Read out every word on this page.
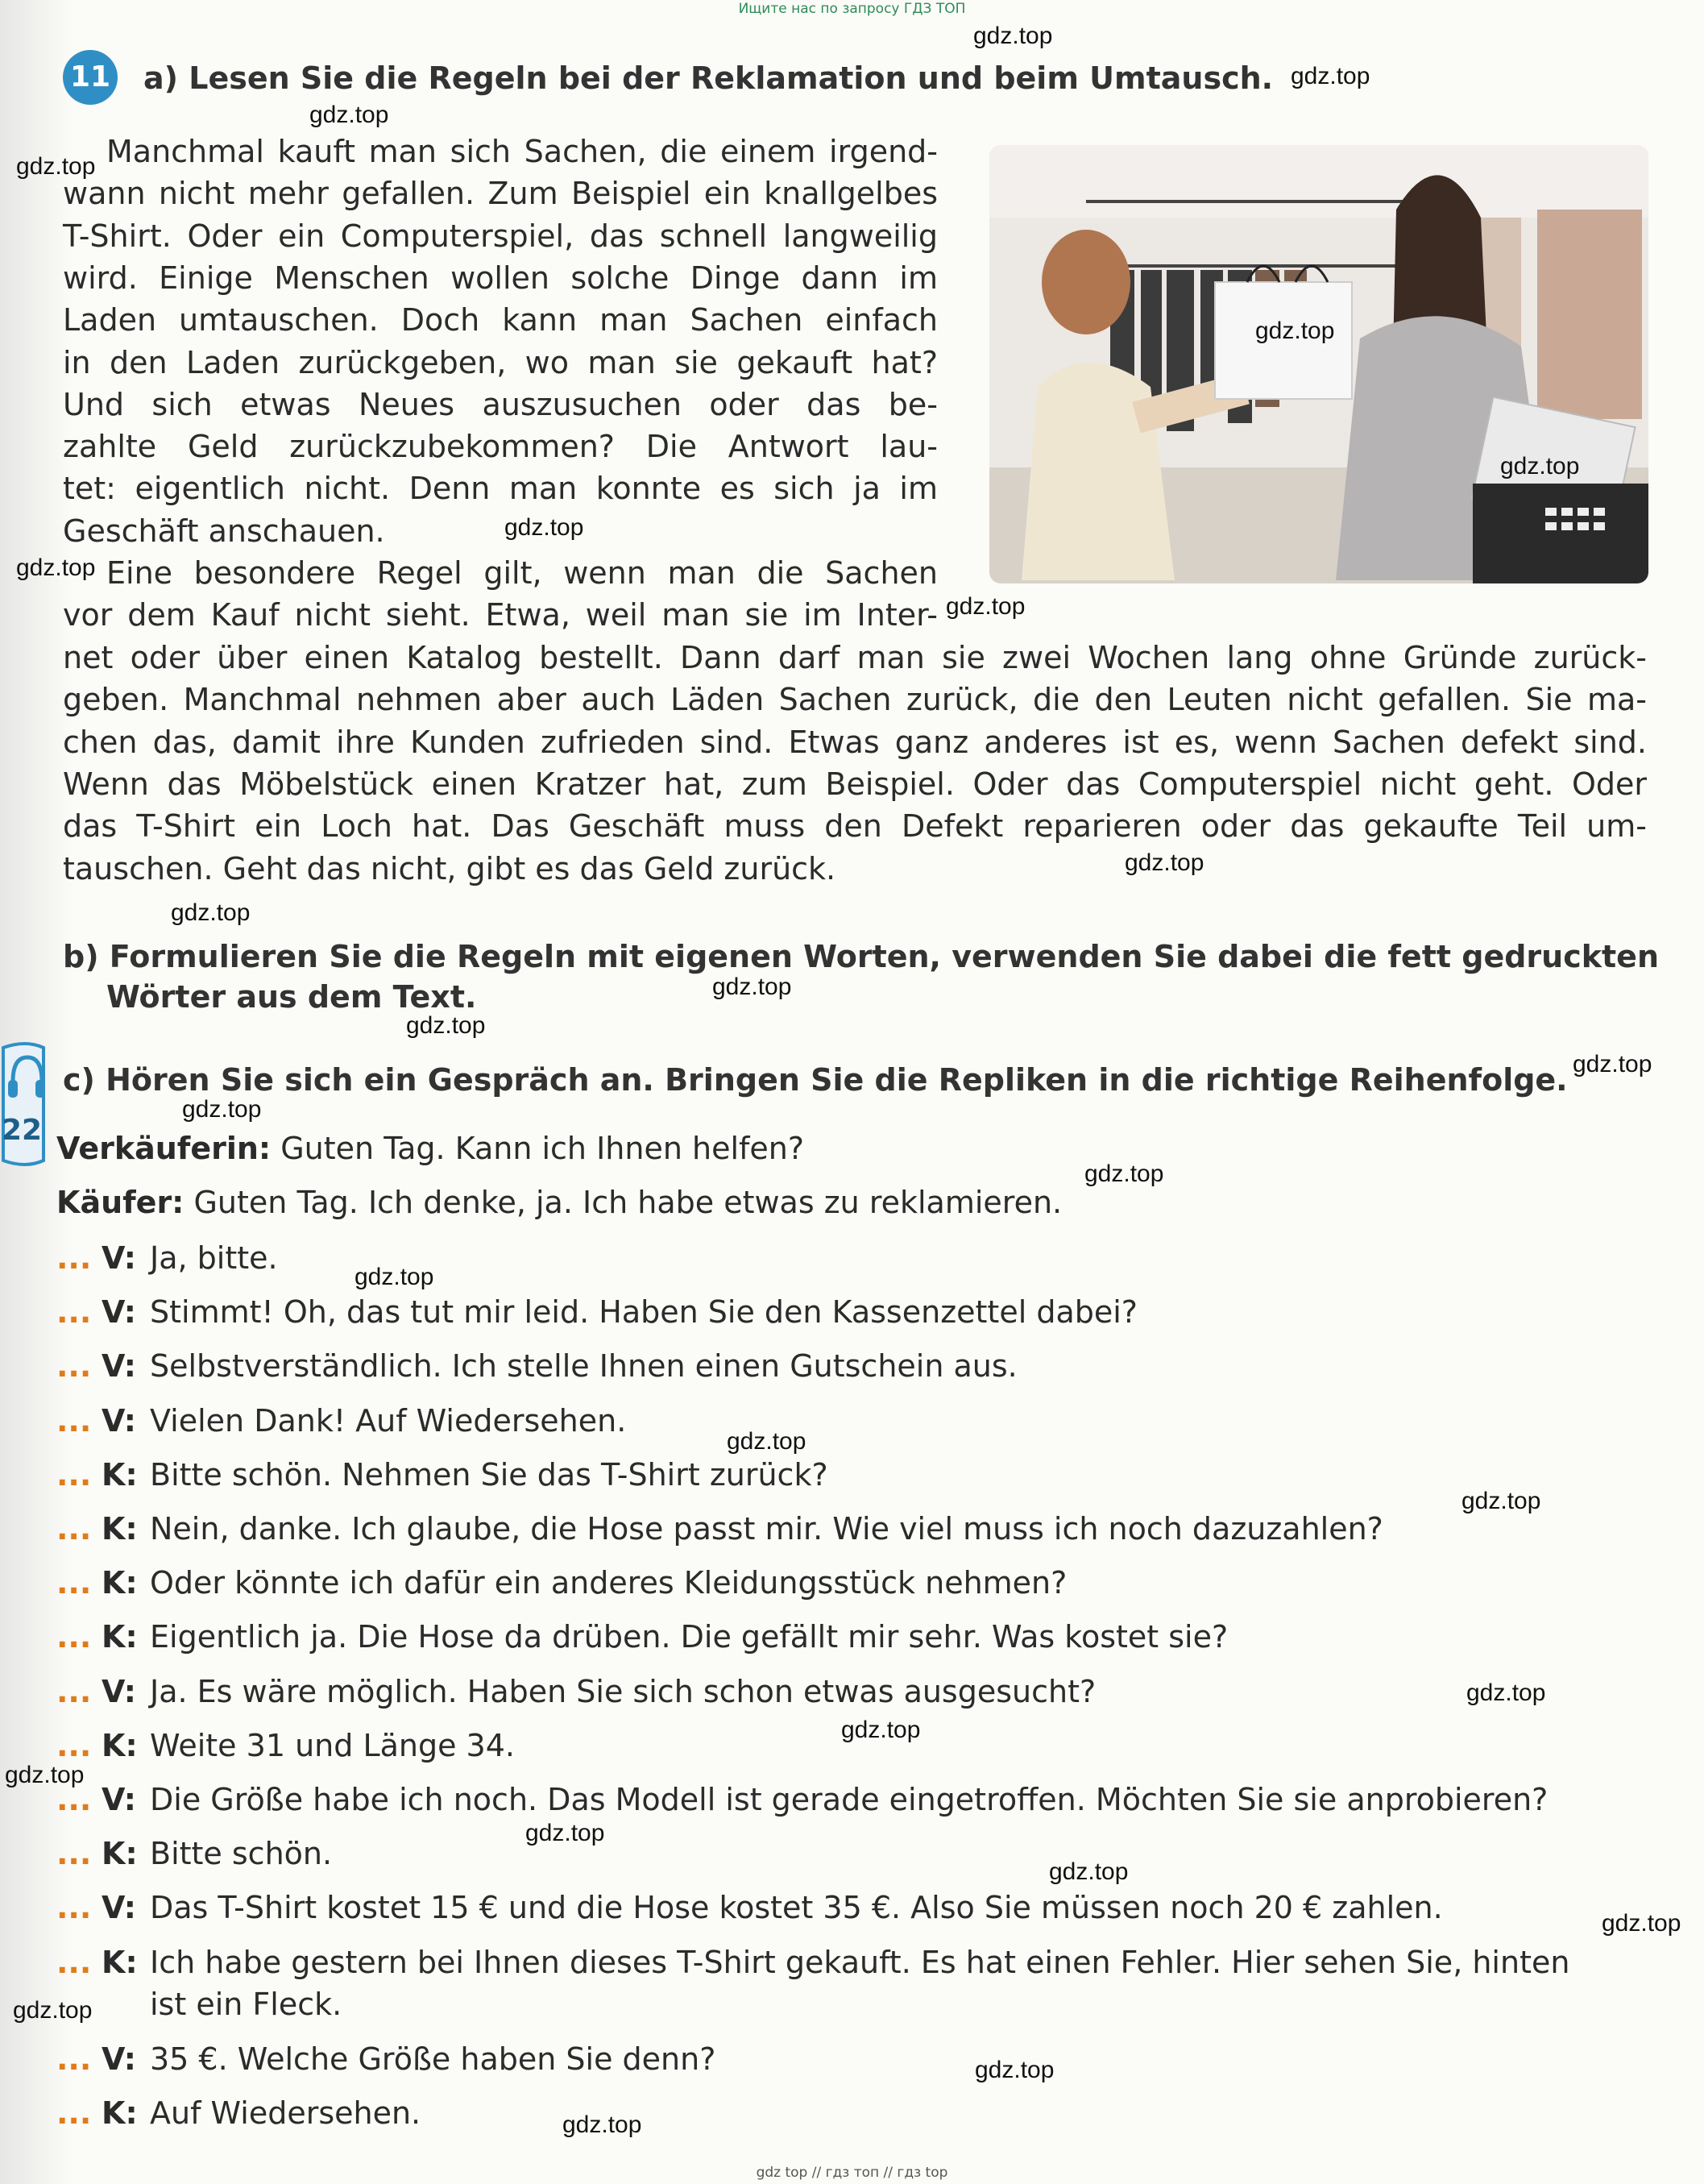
Ищите нас по запросу ГДЗ ТОП
11 a) Lesen Sie die Regeln bei der Reklamation und beim Umtausch.
Manchmal kauft man sich Sachen, die einem irgend-
wann nicht mehr gefallen. Zum Beispiel ein knallgelbes
T-Shirt. Oder ein Computerspiel, das schnell langweilig
wird. Einige Menschen wollen solche Dinge dann im
Laden umtauschen. Doch kann man Sachen einfach
in den Laden zurückgeben, wo man sie gekauft hat?
Und sich etwas Neues auszusuchen oder das be-
zahlte Geld zurückzubekommen? Die Antwort lau-
tet: eigentlich nicht. Denn man konnte es sich ja im
Geschäft anschauen.
Eine besondere Regel gilt, wenn man die Sachen
vor dem Kauf nicht sieht. Etwa, weil man sie im Inter-
net oder über einen Katalog bestellt. Dann darf man sie zwei Wochen lang ohne Gründe zurück-
geben. Manchmal nehmen aber auch Läden Sachen zurück, die den Leuten nicht gefallen. Sie ma-
chen das, damit ihre Kunden zufrieden sind. Etwas ganz anderes ist es, wenn Sachen defekt sind.
Wenn das Möbelstück einen Kratzer hat, zum Beispiel. Oder das Computerspiel nicht geht. Oder
das T-Shirt ein Loch hat. Das Geschäft muss den Defekt reparieren oder das gekaufte Teil um-
tauschen. Geht das nicht, gibt es das Geld zurück.
b) Formulieren Sie die Regeln mit eigenen Worten, verwenden Sie dabei die fett gedruckten
Wörter aus dem Text.
22
c) Hören Sie sich ein Gespräch an. Bringen Sie die Repliken in die richtige Reihenfolge.
Verkäuferin: Guten Tag. Kann ich Ihnen helfen?
Käufer: Guten Tag. Ich denke, ja. Ich habe etwas zu reklamieren.
... V: Ja, bitte.
... V: Stimmt! Oh, das tut mir leid. Haben Sie den Kassenzettel dabei?
... V: Selbstverständlich. Ich stelle Ihnen einen Gutschein aus.
... V: Vielen Dank! Auf Wiedersehen.
... K: Bitte schön. Nehmen Sie das T-Shirt zurück?
... K: Nein, danke. Ich glaube, die Hose passt mir. Wie viel muss ich noch dazuzahlen?
... K: Oder könnte ich dafür ein anderes Kleidungsstück nehmen?
... K: Eigentlich ja. Die Hose da drüben. Die gefällt mir sehr. Was kostet sie?
... V: Ja. Es wäre möglich. Haben Sie sich schon etwas ausgesucht?
... K: Weite 31 und Länge 34.
... V: Die Größe habe ich noch. Das Modell ist gerade eingetroffen. Möchten Sie sie anprobieren?
... K: Bitte schön.
... V: Das T-Shirt kostet 15 € und die Hose kostet 35 €. Also Sie müssen noch 20 € zahlen.
... K: Ich habe gestern bei Ihnen dieses T-Shirt gekauft. Es hat einen Fehler. Hier sehen Sie, hinten
ist ein Fleck.
... V: 35 €. Welche Größe haben Sie denn?
... K: Auf Wiedersehen.
gdz.top
gdz.top
gdz.top
gdz.top
gdz.top
gdz.top
gdz.top
gdz.top
gdz.top
gdz.top
gdz.top
gdz.top
gdz.top
gdz.top
gdz.top
gdz.top
gdz.top
gdz.top
gdz.top
gdz.top
gdz.top
gdz.top
gdz.top
gdz.top
gdz.top
gdz.top
gdz.top
gdz.top
gdz top // гдз топ // гдз top
